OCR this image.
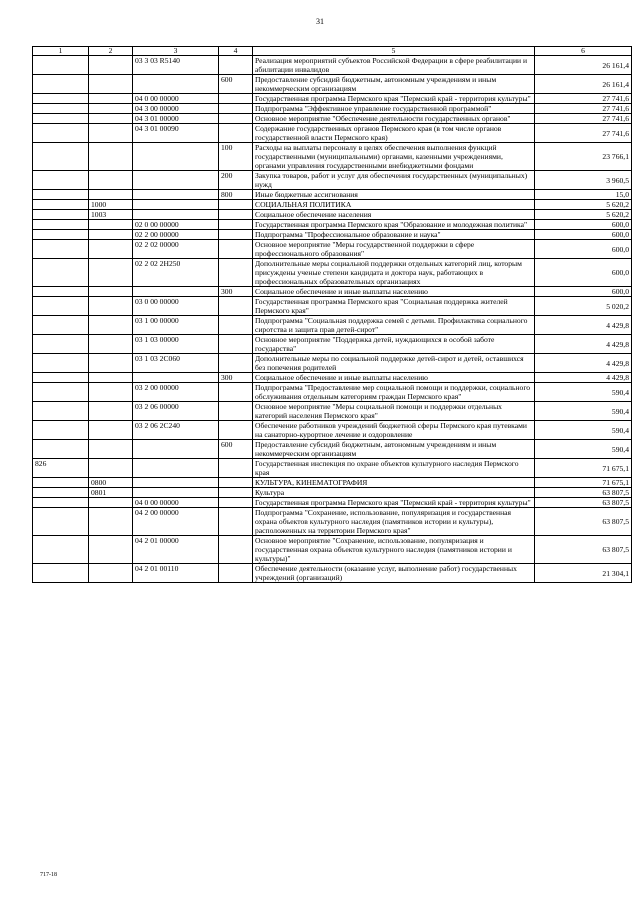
31
1	2	3	4	5	6
		03 3 03 R5140		Реализация мероприятий субъектов Российской Федерации в сфере реабилитации и абилитации инвалидов	26 161,4
			600	Предоставление субсидий бюджетным, автономным учреждениям и иным некоммерческим организациям	26 161,4
		04 0 00 00000		Государственная программа Пермского края "Пермский край - территория культуры"	27 741,6
		04 3 00 00000		Подпрограмма "Эффективное управление государственной программой"	27 741,6
		04 3 01 00000		Основное мероприятие "Обеспечение деятельности государственных органов"	27 741,6
		04 3 01 00090		Содержание государственных органов Пермского края (в том числе органов государственной власти Пермского края)	27 741,6
			100	Расходы на выплаты персоналу в целях обеспечения выполнения функций государственными (муниципальными) органами, казенными учреждениями, органами управления государственными внебюджетными фондами	23 766,1
			200	Закупка товаров, работ и услуг для обеспечения государственных (муниципальных) нужд	3 960,5
			800	Иные бюджетные ассигнования	15,0
	1000			СОЦИАЛЬНАЯ ПОЛИТИКА	5 620,2
	1003			Социальное обеспечение населения	5 620,2
		02 0 00 00000		Государственная программа Пермского края "Образование и молодежная политика"	600,0
		02 2 00 00000		Подпрограмма "Профессиональное образование и наука"	600,0
		02 2 02 00000		Основное мероприятие "Меры государственной поддержки в сфере профессионального образования"	600,0
		02 2 02 2Н250		Дополнительные меры социальной поддержки отдельных категорий лиц, которым присуждены ученые степени кандидата и доктора наук, работающих в профессиональных образовательных организациях	600,0
			300	Социальное обеспечение и иные выплаты населению	600,0
		03 0 00 00000		Государственная программа Пермского края "Социальная поддержка жителей Пермского края"	5 020,2
		03 1 00 00000		Подпрограмма "Социальная поддержка семей с детьми. Профилактика социального сиротства и защита прав детей-сирот"	4 429,8
		03 1 03 00000		Основное мероприятие "Поддержка детей, нуждающихся в особой заботе государства"	4 429,8
		03 1 03 2С060		Дополнительные меры по социальной поддержке детей-сирот и детей, оставшихся без попечения родителей	4 429,8
			300	Социальное обеспечение и иные выплаты населению	4 429,8
		03 2 00 00000		Подпрограмма "Предоставление мер социальной помощи и поддержки, социального обслуживания отдельным категориям граждан Пермского края"	590,4
		03 2 06 00000		Основное мероприятие "Меры социальной помощи и поддержки отдельных категорий населения Пермского края"	590,4
		03 2 06 2С240		Обеспечение работников учреждений бюджетной сферы Пермского края путевками на санаторно-курортное лечение и оздоровление	590,4
			600	Предоставление субсидий бюджетным, автономным учреждениям и иным некоммерческим организациям	590,4
826				Государственная инспекция по охране объектов культурного наследия Пермского края	71 675,1
	0800			КУЛЬТУРА, КИНЕМАТОГРАФИЯ	71 675,1
	0801			Культура	63 807,5
		04 0 00 00000		Государственная программа Пермского края "Пермский край - территория культуры"	63 807,5
		04 2 00 00000		Подпрограмма "Сохранение, использование, популяризация и государственная охрана объектов культурного наследия (памятников истории и культуры), расположенных на территории Пермского края"	63 807,5
		04 2 01 00000		Основное мероприятие "Сохранение, использование, популяризация и государственная охрана объектов культурного наследия (памятников истории и культуры)"	63 807,5
		04 2 01 00110		Обеспечение деятельности (оказание услуг, выполнение работ) государственных учреждений (организаций)	21 304,1
717-18
